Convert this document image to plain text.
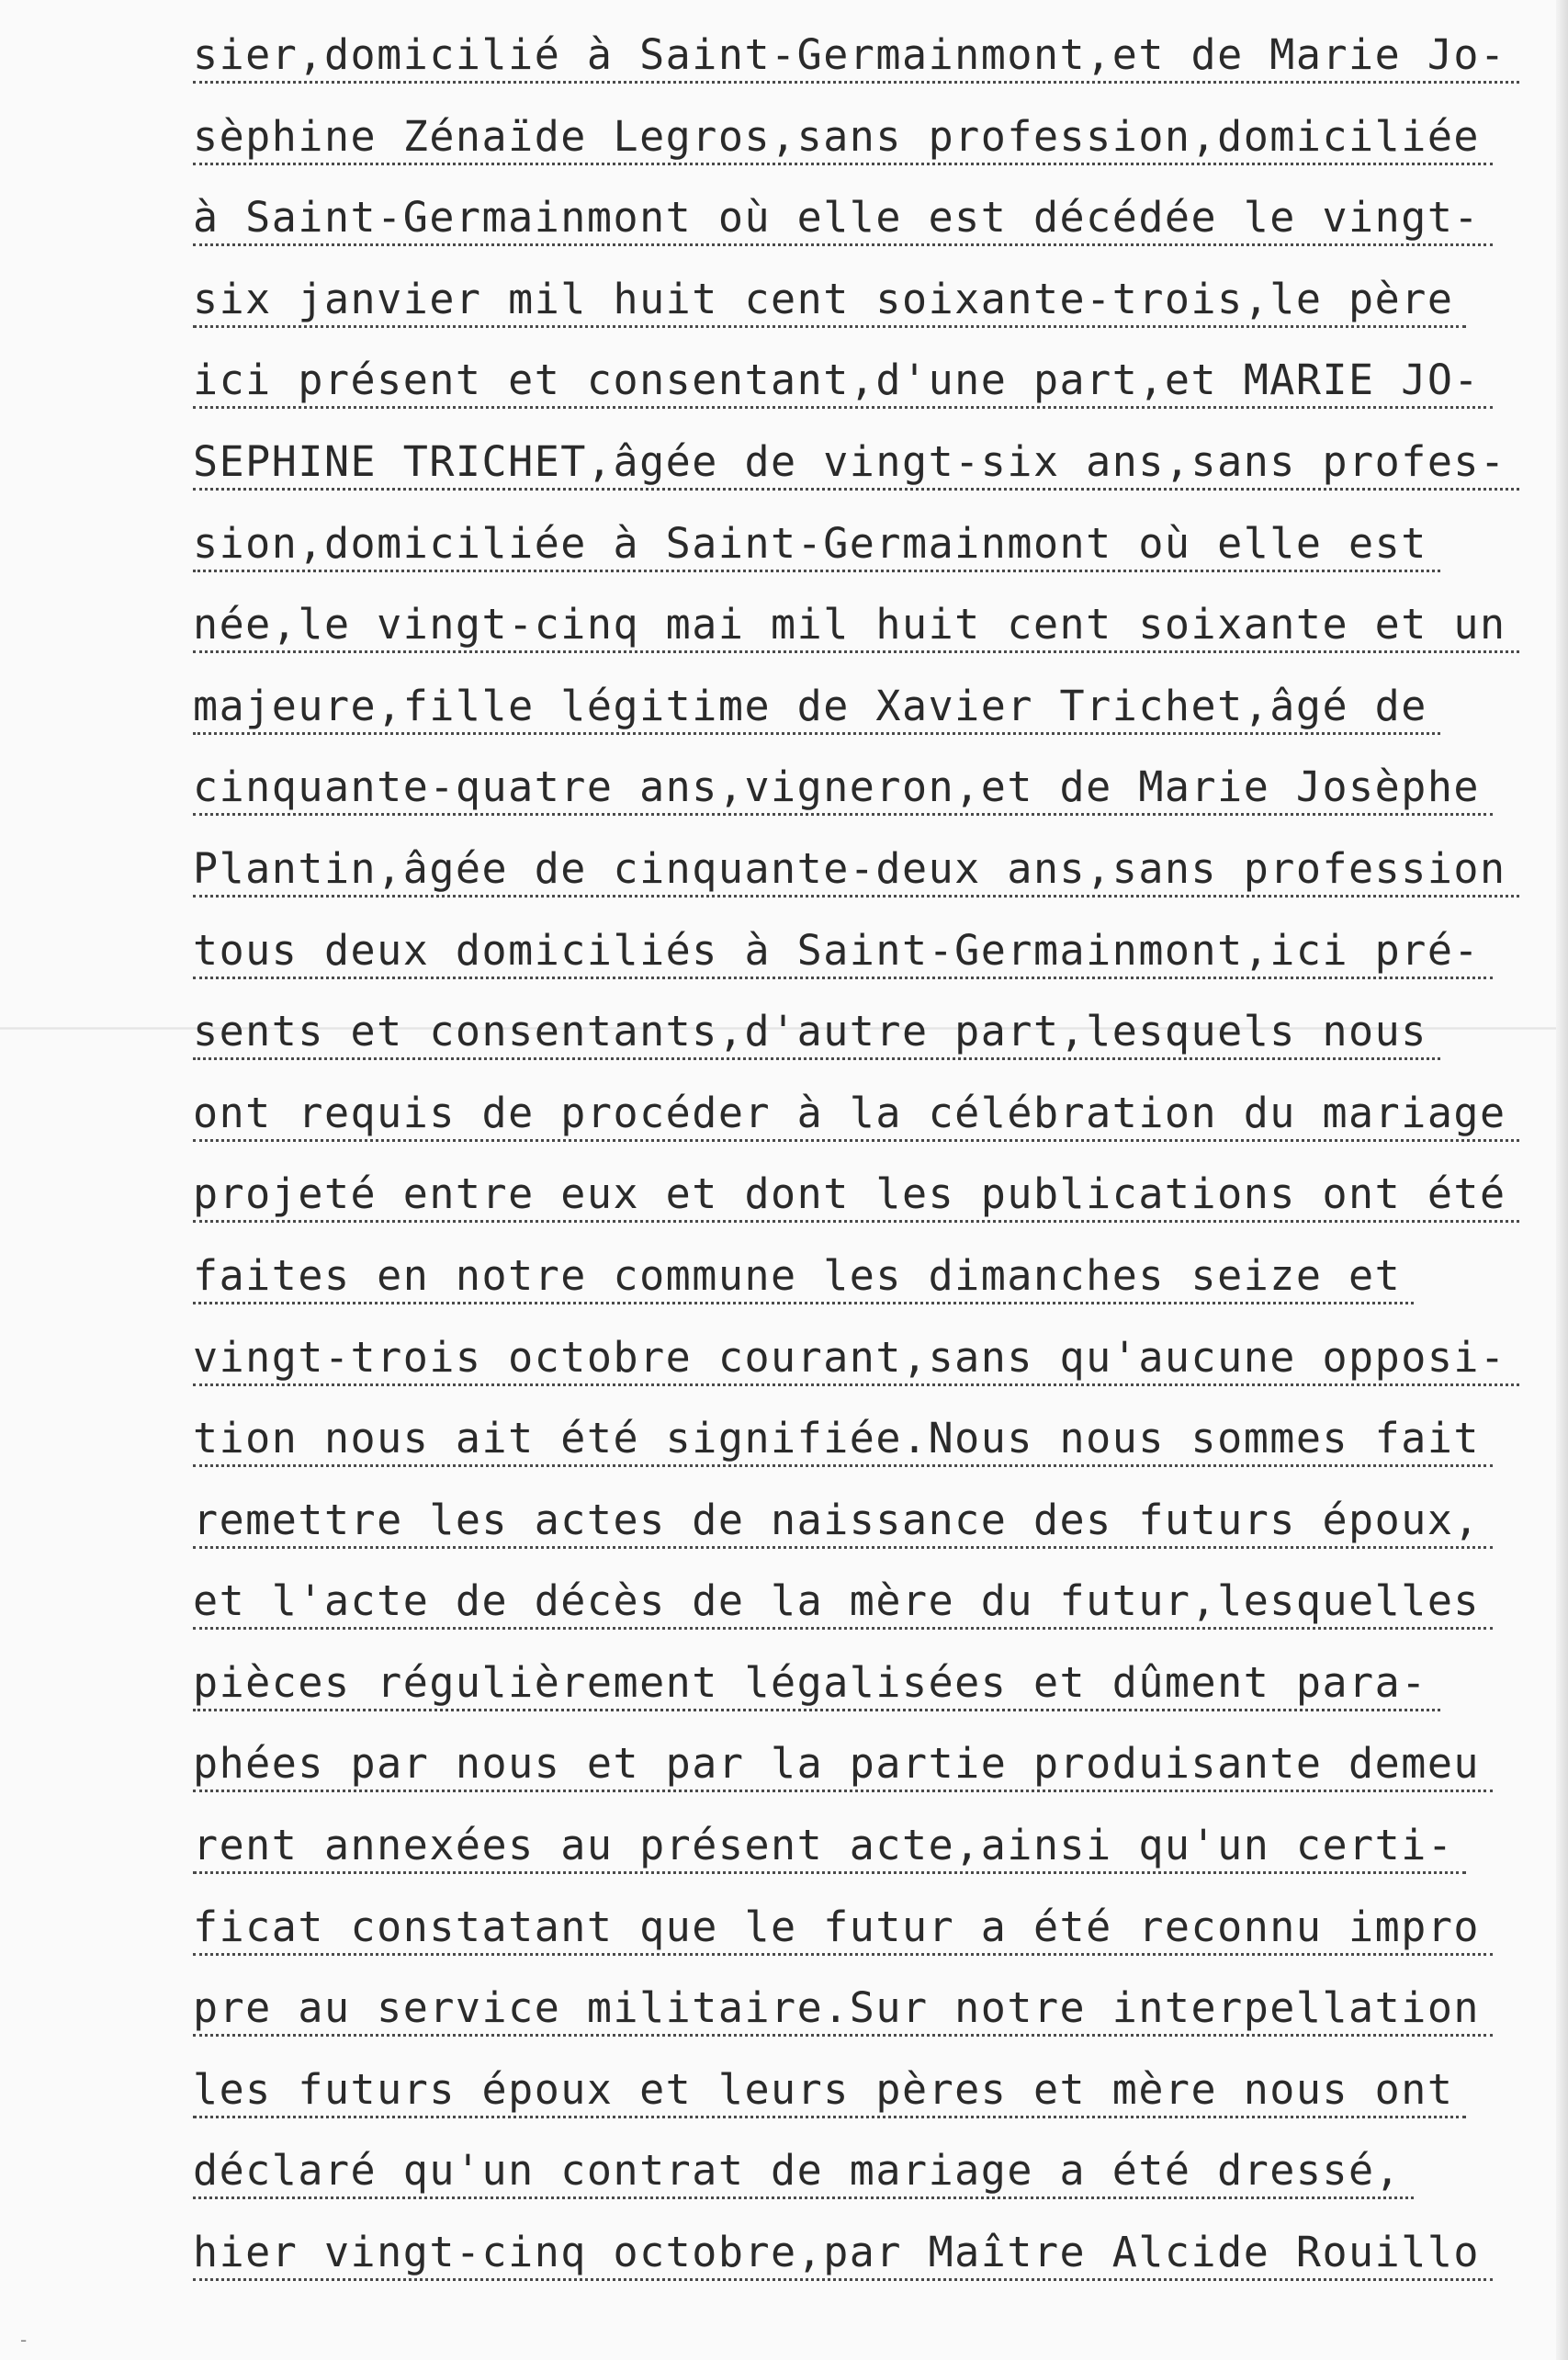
sier,domicilié à Saint-Germainmont,et de Marie Jo-
sèphine Zénaïde Legros,sans profession,domiciliée
à Saint-Germainmont où elle est décédée le vingt-
six janvier mil huit cent soixante-trois,le père
ici présent et consentant,d'une part,et MARIE JO-
SEPHINE TRICHET,âgée de vingt-six ans,sans profes-
sion,domiciliée à Saint-Germainmont où elle est
née,le vingt-cinq mai mil huit cent soixante et un
majeure,fille légitime de Xavier Trichet,âgé de
cinquante-quatre ans,vigneron,et de Marie Josèphe
Plantin,âgée de cinquante-deux ans,sans profession
tous deux domiciliés à Saint-Germainmont,ici pré-
sents et consentants,d'autre part,lesquels nous
ont requis de procéder à la célébration du mariage
projeté entre eux et dont les publications ont été
faites en notre commune les dimanches seize et
vingt-trois octobre courant,sans qu'aucune opposi-
tion nous ait été signifiée.Nous nous sommes fait
remettre les actes de naissance des futurs époux,
et l'acte de décès de la mère du futur,lesquelles
pièces régulièrement légalisées et dûment para-
phées par nous et par la partie produisante demeu
rent annexées au présent acte,ainsi qu'un certi-
ficat constatant que le futur a été reconnu impro
pre au service militaire.Sur notre interpellation
les futurs époux et leurs pères et mère nous ont
déclaré qu'un contrat de mariage a été dressé,
hier vingt-cinq octobre,par Maître Alcide Rouillo
-
